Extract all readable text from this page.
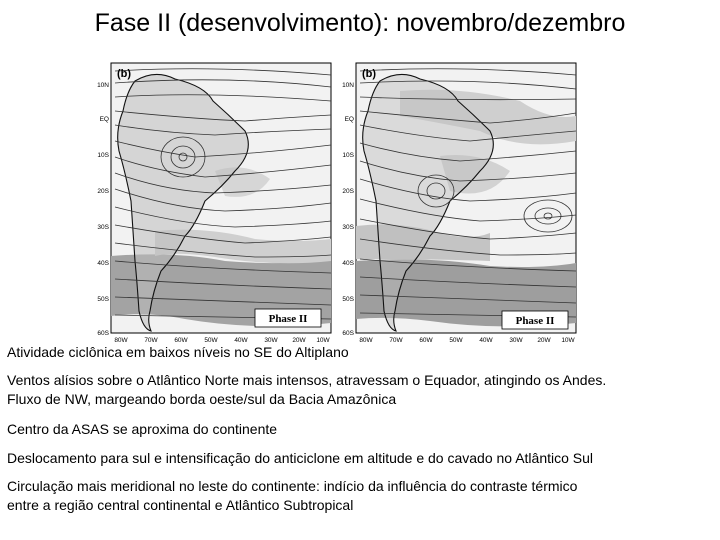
Fase II (desenvolvimento): novembro/dezembro
(b)
Phase II
10N
EQ
10S
20S
30S
40S
50S
60S
80W	70W	60W	50W	40W	30W 20W 10W
(b)
Phase II
10N
EQ
10S
20S
30S
40S
50S
60S
80W	70W	60W	50W	40W	30W 20W 10W

Atividade ciclônica em baixos níveis no SE do Altiplano

Ventos alísios sobre o Atlântico Norte mais intensos, atravessam o Equador, atingindo os Andes.
Fluxo de NW, margeando borda oeste/sul da Bacia Amazônica

Centro da ASAS se aproxima do continente

Deslocamento para sul e intensificação do anticiclone em altitude e do cavado no Atlântico Sul

Circulação mais meridional no leste do continente: indício da influência do contraste térmico
entre a região central continental e Atlântico Subtropical
